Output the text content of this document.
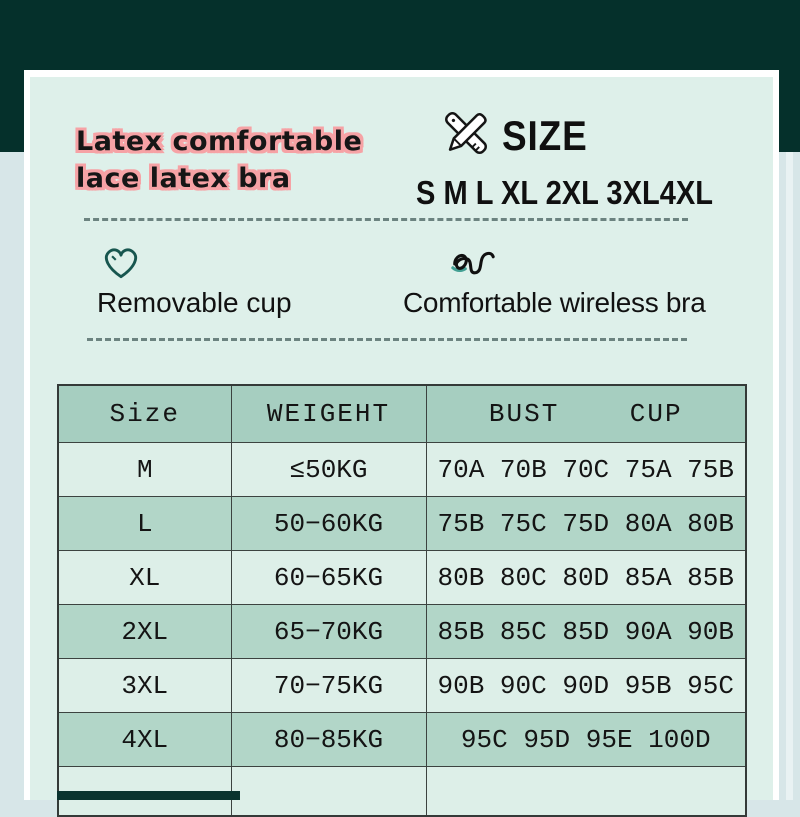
Latex comfortable
lace latex bra
SIZE
S M L XL 2XL 3XL4XL
Removable cup	Comfortable wireless bra
Size	WEIGEHT	BUST    CUP
M	≤50KG	70A 70B 70C 75A 75B
L	50−60KG	75B 75C 75D 80A 80B
XL	60−65KG	80B 80C 80D 85A 85B
2XL	65−70KG	85B 85C 85D 90A 90B
3XL	70−75KG	90B 90C 90D 95B 95C
4XL	80−85KG	95C 95D 95E 100D
